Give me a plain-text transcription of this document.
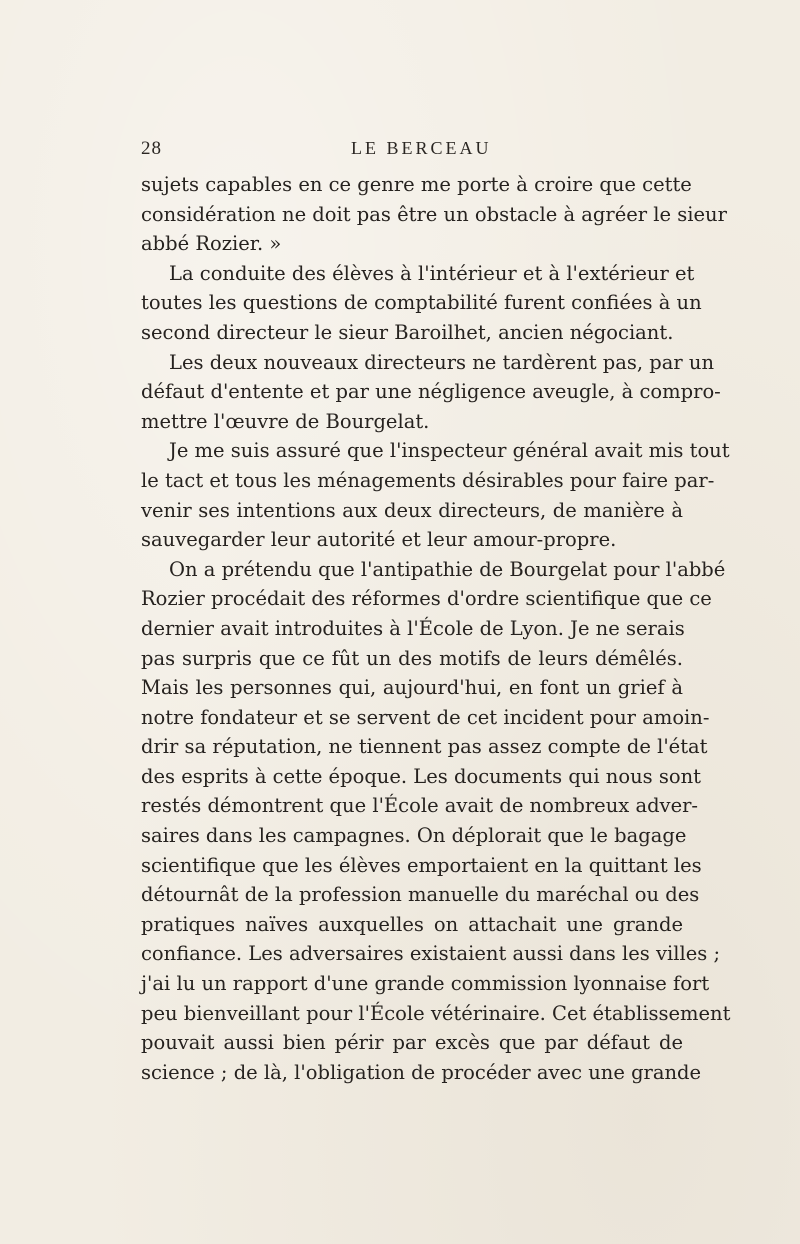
28	LE BERCEAU
sujets capables en ce genre me porte à croire que cette
considération ne doit pas être un obstacle à agréer le sieur
abbé Rozier. »
La conduite des élèves à l'intérieur et à l'extérieur et
toutes les questions de comptabilité furent confiées à un
second directeur le sieur Baroilhet, ancien négociant.
Les deux nouveaux directeurs ne tardèrent pas, par un
défaut d'entente et par une négligence aveugle, à compro-
mettre l'œuvre de Bourgelat.
Je me suis assuré que l'inspecteur général avait mis tout
le tact et tous les ménagements désirables pour faire par-
venir ses intentions aux deux directeurs, de manière à
sauvegarder leur autorité et leur amour-propre.
On a prétendu que l'antipathie de Bourgelat pour l'abbé
Rozier procédait des réformes d'ordre scientifique que ce
dernier avait introduites à l'École de Lyon. Je ne serais
pas surpris que ce fût un des motifs de leurs démêlés.
Mais les personnes qui, aujourd'hui, en font un grief à
notre fondateur et se servent de cet incident pour amoin-
drir sa réputation, ne tiennent pas assez compte de l'état
des esprits à cette époque. Les documents qui nous sont
restés démontrent que l'École avait de nombreux adver-
saires dans les campagnes. On déplorait que le bagage
scientifique que les élèves emportaient en la quittant les
détournât de la profession manuelle du maréchal ou des
pratiques naïves auxquelles on attachait une grande
confiance. Les adversaires existaient aussi dans les villes ;
j'ai lu un rapport d'une grande commission lyonnaise fort
peu bienveillant pour l'École vétérinaire. Cet établissement
pouvait aussi bien périr par excès que par défaut de
science ; de là, l'obligation de procéder avec une grande
